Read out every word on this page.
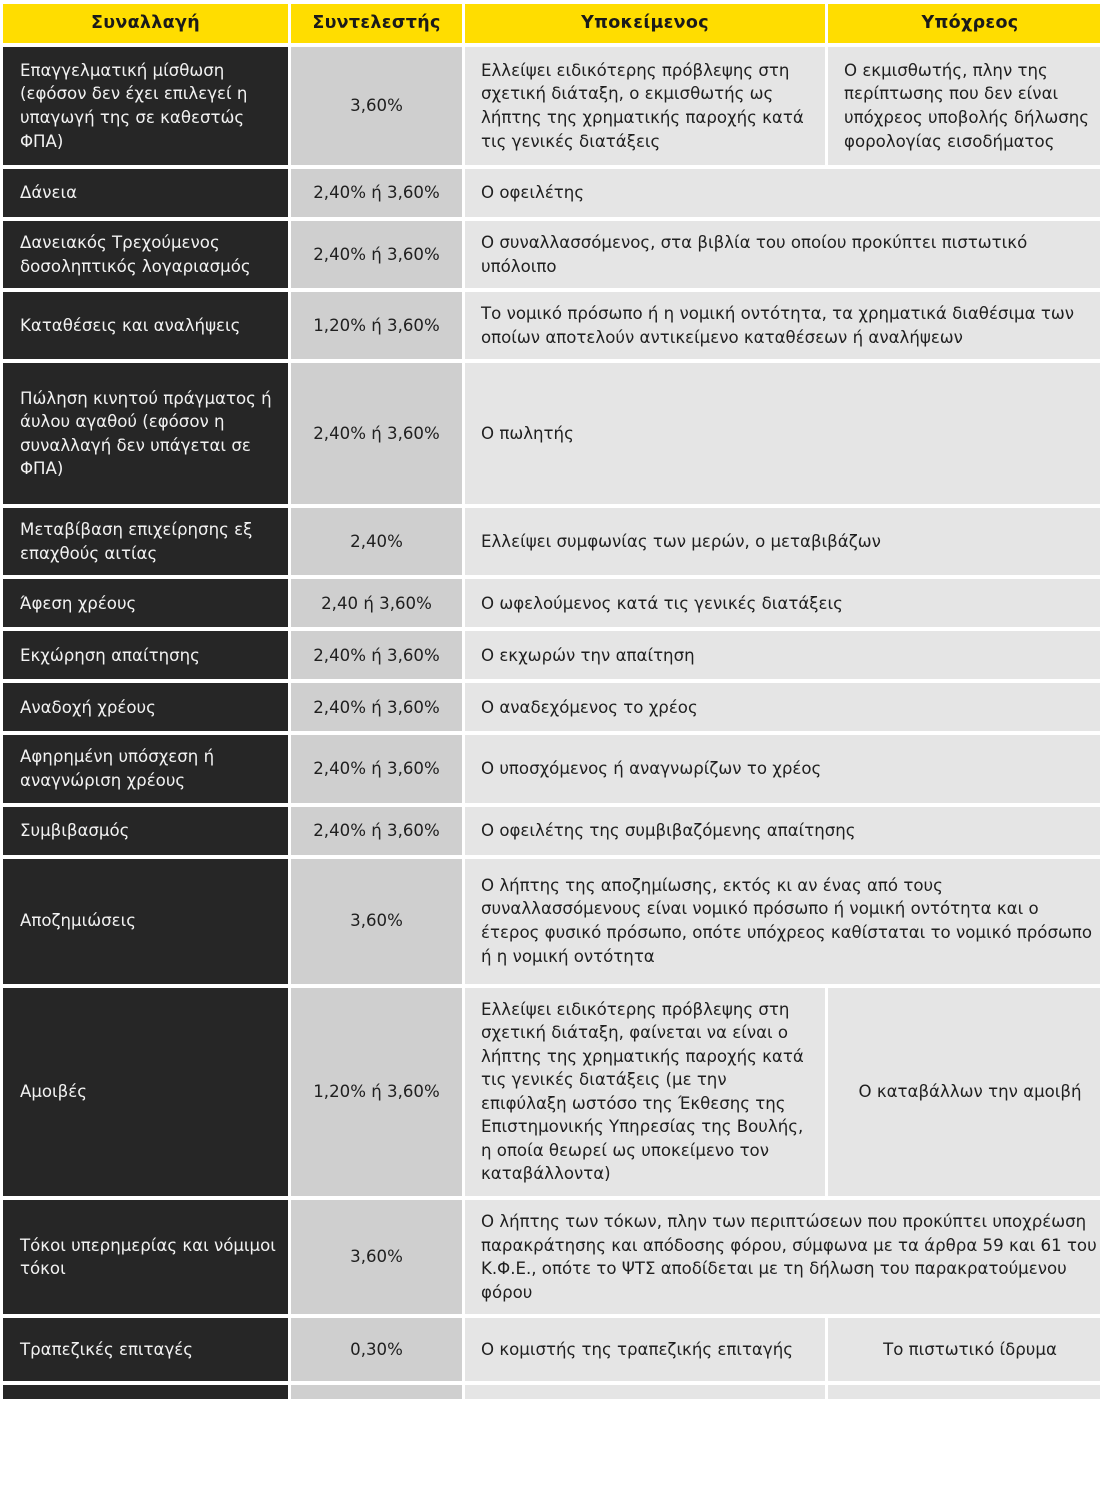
Συναλλαγή	Συντελεστής	Υποκείμενος	Υπόχρεος
Επαγγελματική μίσθωση (εφόσον δεν έχει επιλεγεί η υπαγωγή της σε καθεστώς ΦΠΑ)	3,60%	Ελλείψει ειδικότερης πρόβλεψης στη σχετική διάταξη, ο εκμισθωτής ως λήπτης της χρηματικής παροχής κατά τις γενικές διατάξεις	Ο εκμισθωτής, πλην της περίπτωσης που δεν είναι υπόχρεος υποβολής δήλωσης φορολογίας εισοδήματος
Δάνεια	2,40% ή 3,60%	Ο οφειλέτης	
Δανειακός Τρεχούμενος δοσοληπτικός λογαριασμός	2,40% ή 3,60%	Ο συναλλασσόμενος, στα βιβλία του οποίου προκύπτει πιστωτικό υπόλοιπο	
Καταθέσεις και αναλήψεις	1,20% ή 3,60%	Το νομικό πρόσωπο ή η νομική οντότητα, τα χρηματικά διαθέσιμα των οποίων αποτελούν αντικείμενο καταθέσεων ή αναλήψεων	
Πώληση κινητού πράγματος ή άυλου αγαθού (εφόσον η συναλλαγή δεν υπάγεται σε ΦΠΑ)	2,40% ή 3,60%	Ο πωλητής	
Μεταβίβαση επιχείρησης εξ επαχθούς αιτίας	2,40%	Ελλείψει συμφωνίας των μερών, ο μεταβιβάζων	
Άφεση χρέους	2,40 ή 3,60%	Ο ωφελούμενος κατά τις γενικές διατάξεις	
Εκχώρηση απαίτησης	2,40% ή 3,60%	Ο εκχωρών την απαίτηση	
Αναδοχή χρέους	2,40% ή 3,60%	Ο αναδεχόμενος το χρέος	
Αφηρημένη υπόσχεση ή αναγνώριση χρέους	2,40% ή 3,60%	Ο υποσχόμενος ή αναγνωρίζων το χρέος	
Συμβιβασμός	2,40% ή 3,60%	Ο οφειλέτης της συμβιβαζόμενης απαίτησης	
Αποζημιώσεις	3,60%	Ο λήπτης της αποζημίωσης, εκτός κι αν ένας από τους συναλλασσόμενους είναι νομικό πρόσωπο ή νομική οντότητα και ο έτερος φυσικό πρόσωπο, οπότε υπόχρεος καθίσταται το νομικό πρόσωπο ή η νομική οντότητα	
Αμοιβές	1,20% ή 3,60%	Ελλείψει ειδικότερης πρόβλεψης στη σχετική διάταξη, φαίνεται να είναι ο λήπτης της χρηματικής παροχής κατά τις γενικές διατάξεις (με την επιφύλαξη ωστόσο της Έκθεσης της Επιστημονικής Υπηρεσίας της Βουλής, η οποία θεωρεί ως υποκείμενο τον καταβάλλοντα)	Ο καταβάλλων την αμοιβή
Τόκοι υπερημερίας και νόμιμοι τόκοι	3,60%	Ο λήπτης των τόκων, πλην των περιπτώσεων που προκύπτει υποχρέωση παρακράτησης και απόδοσης φόρου, σύμφωνα με τα άρθρα 59 και 61 του Κ.Φ.Ε., οπότε το ΨΤΣ αποδίδεται με τη δήλωση του παρακρατούμενου φόρου	
Τραπεζικές επιταγές	0,30%	Ο κομιστής της τραπεζικής επιταγής	Το πιστωτικό ίδρυμα
